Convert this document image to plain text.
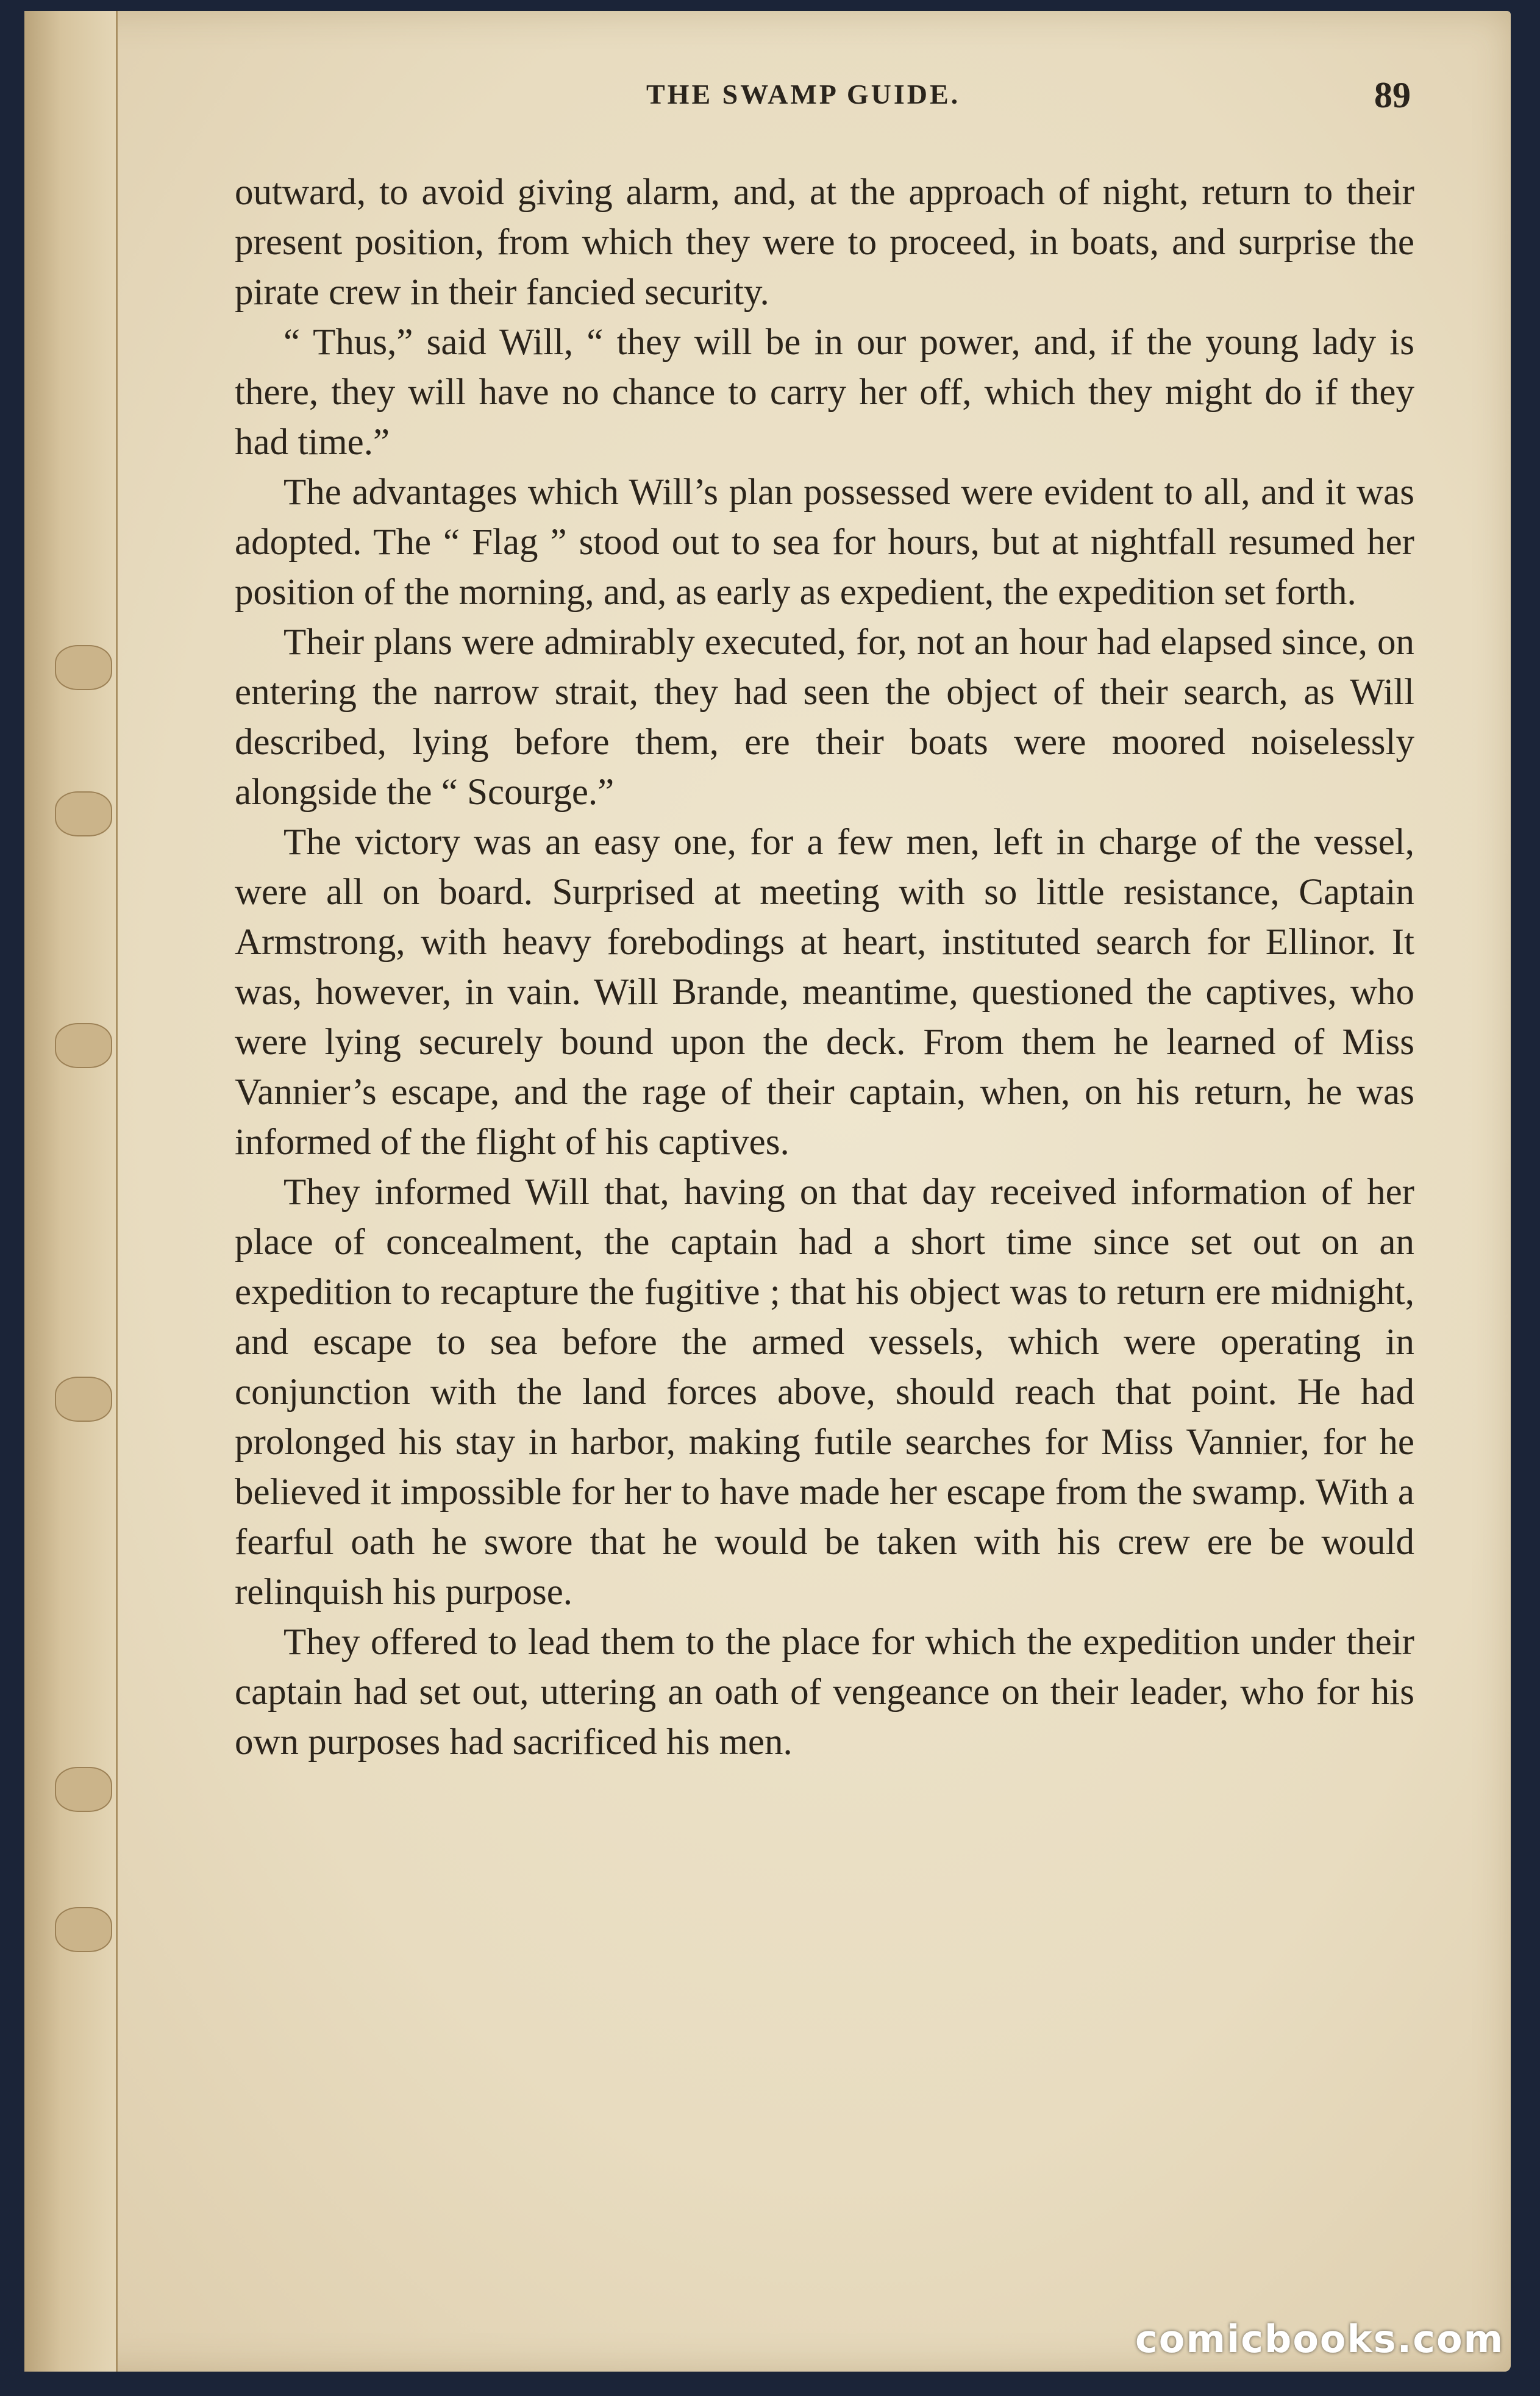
THE SWAMP GUIDE.	89

outward, to avoid giving alarm, and, at the approach of night, return to their present position, from which they were to proceed, in boats, and surprise the pirate crew in their fancied security.

“ Thus,” said Will, “ they will be in our power, and, if the young lady is there, they will have no chance to carry her off, which they might do if they had time.”

The advantages which Will’s plan possessed were evident to all, and it was adopted. The “ Flag ” stood out to sea for hours, but at nightfall resumed her position of the morning, and, as early as expedient, the expedition set forth.

Their plans were admirably executed, for, not an hour had elapsed since, on entering the narrow strait, they had seen the object of their search, as Will described, lying before them, ere their boats were moored noiselessly alongside the “ Scourge.”

The victory was an easy one, for a few men, left in charge of the vessel, were all on board. Surprised at meeting with so little resistance, Captain Armstrong, with heavy forebodings at heart, instituted search for Ellinor. It was, however, in vain. Will Brande, meantime, questioned the captives, who were lying securely bound upon the deck. From them he learned of Miss Vannier’s escape, and the rage of their captain, when, on his return, he was informed of the flight of his captives.

They informed Will that, having on that day received information of her place of concealment, the captain had a short time since set out on an expedition to recapture the fugitive ; that his object was to return ere midnight, and escape to sea before the armed vessels, which were operating in conjunction with the land forces above, should reach that point. He had prolonged his stay in harbor, making futile searches for Miss Vannier, for he believed it impossible for her to have made her escape from the swamp. With a fearful oath he swore that he would be taken with his crew ere be would relinquish his purpose.

They offered to lead them to the place for which the expedition under their captain had set out, uttering an oath of vengeance on their leader, who for his own purposes had sacrificed his men.

comicbooks.com
